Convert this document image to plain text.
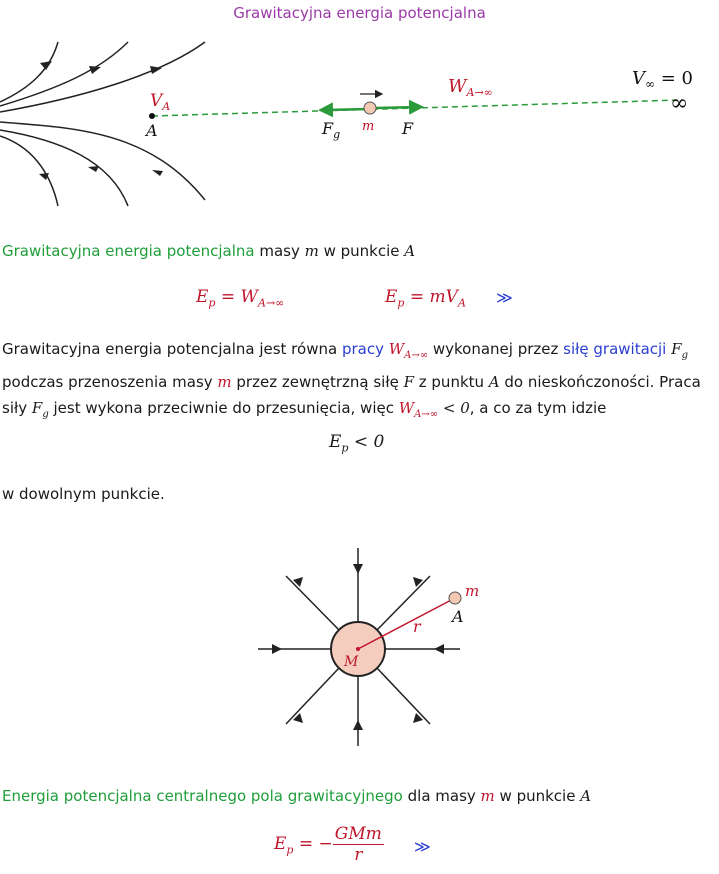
Grawitacyjna energia potencjalna
$V_A$
A	$F_g$
m F
$W_{A\to\infty}$
$V_\infty = 0$
∞
Grawitacyjna energia potencjalna masy m w punkcie A
$E_p = W_{A\to\infty}$	$E_p = mV_A$ ≫
Grawitacyjna energia potencjalna jest równa pracy $W_{A\to\infty}$ wykonanej przez siłę grawitacji $F_g$ podczas przenoszenia masy m przez zewnętrzną siłę F z punktu A do nieskończoności. Praca siły $F_g$ jest wykona przeciwnie do przesunięcia, więc $W_{A\to\infty} < 0$, a co za tym idzie
$E_p < 0$
w dowolnym punkcie.
M
r
m
A
Energia potencjalna centralnego pola grawitacyjnego dla masy m w punkcie A
$E_p$ = − $\frac{\text{GMm}}{r}$ ≫
